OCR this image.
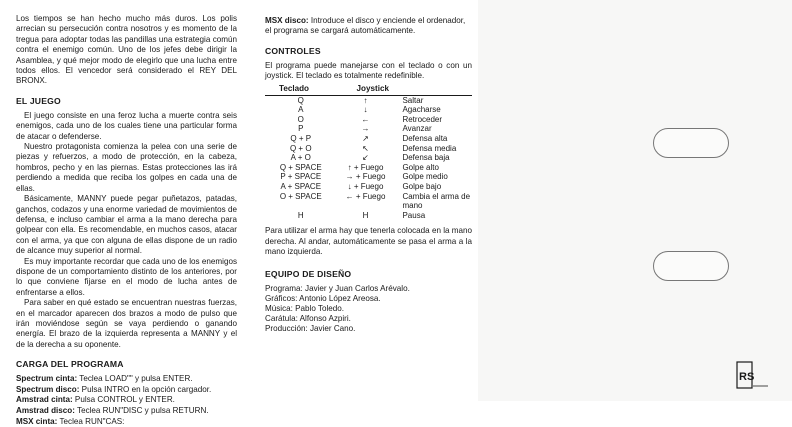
Los tiempos se han hecho mucho más duros. Los polis arrecian su persecución contra nosotros y es momento de la tregua para adoptar todas las pandillas una estrategia común contra el enemigo común. Uno de los jefes debe dirigir la Asamblea, y qué mejor modo de elegirlo que una lucha entre todos ellos. El vencedor será considerado el REY DEL BRONX.

EL JUEGO

El juego consiste en una feroz lucha a muerte contra seis enemigos, cada uno de los cuales tiene una particular forma de atacar o defenderse.

Nuestro protagonista comienza la pelea con una serie de piezas y refuerzos, a modo de protección, en la cabeza, hombros, pecho y en las piernas. Estas protecciones las irá perdiendo a medida que reciba los golpes en cada una de ellas.

Básicamente, MANNY puede pegar puñetazos, patadas, ganchos, codazos y una enorme variedad de movimientos de defensa, e incluso cambiar el arma a la mano derecha para golpear con ella. Es recomendable, en muchos casos, atacar con el arma, ya que con alguna de ellas dispone de un radio de alcance muy superior al normal.

Es muy importante recordar que cada uno de los enemigos dispone de un comportamiento distinto de los anteriores, por lo que conviene fijarse en el modo de lucha antes de enfrentarse a ellos.

Para saber en qué estado se encuentran nuestras fuerzas, en el marcador aparecen dos brazos a modo de pulso que irán moviéndose según se vaya perdiendo o ganando energía. El brazo de la izquierda representa a MANNY y el de la derecha a su oponente.

CARGA DEL PROGRAMA
Spectrum cinta: Teclea LOAD"" y pulsa ENTER.
Spectrum disco: Pulsa INTRO en la opción cargador.
Amstrad cinta: Pulsa CONTROL y ENTER.
Amstrad disco: Teclea RUN"DISC y pulsa RETURN.
MSX cinta: Teclea RUN"CAS:

MSX disco: Introduce el disco y enciende el ordenador, el programa se cargará automáticamente.

CONTROLES

El programa puede manejarse con el teclado o con un joystick. El teclado es totalmente redefinible.

Teclado	Joystick	
Q	↑	Saltar
A	↓	Agacharse
O	←	Retroceder
P	→	Avanzar
Q + P	↗	Defensa alta
Q + O	↖	Defensa media
A + O	↙	Defensa baja
Q + SPACE	↑ + Fuego	Golpe alto
P + SPACE	→ + Fuego	Golpe medio
A + SPACE	↓ + Fuego	Golpe bajo
O + SPACE	← + Fuego	Cambia el arma de mano
H	H	Pausa

Para utilizar el arma hay que tenerla colocada en la mano derecha. Al andar, automáticamente se pasa el arma a la mano izquierda.

EQUIPO DE DISEÑO
Programa: Javier y Juan Carlos Arévalo.
Gráficos: Antonio López Areosa.
Música: Pablo Toledo.
Carátula: Alfonso Azpiri.
Producción: Javier Cano.
RS
